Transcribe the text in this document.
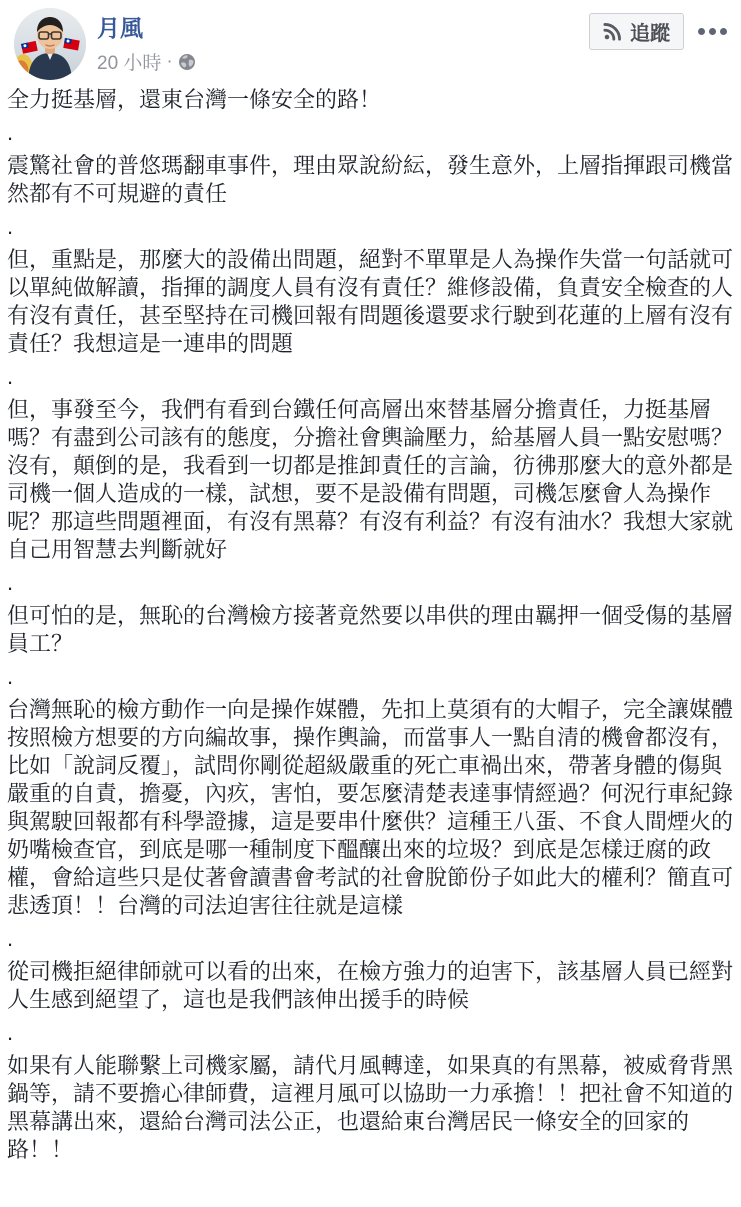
月風
20 小時 ·
追蹤

全力挺基層，還東台灣一條安全的路！

.

震驚社會的普悠瑪翻車事件，理由眾說紛紜，發生意外，上層指揮跟司機當然都有不可規避的責任

.

但，重點是，那麼大的設備出問題，絕對不單單是人為操作失當一句話就可以單純做解讀，指揮的調度人員有沒有責任？維修設備，負責安全檢查的人有沒有責任，甚至堅持在司機回報有問題後還要求行駛到花蓮的上層有沒有責任？我想這是一連串的問題

.

但，事發至今，我們有看到台鐵任何高層出來替基層分擔責任，力挺基層嗎？有盡到公司該有的態度，分擔社會輿論壓力，給基層人員一點安慰嗎？沒有，顛倒的是，我看到一切都是推卸責任的言論，彷彿那麼大的意外都是司機一個人造成的一樣，試想，要不是設備有問題，司機怎麼會人為操作呢？那這些問題裡面，有沒有黑幕？有沒有利益？有沒有油水？我想大家就自己用智慧去判斷就好

.

但可怕的是，無恥的台灣檢方接著竟然要以串供的理由羈押一個受傷的基層員工？

.

台灣無恥的檢方動作一向是操作媒體，先扣上莫須有的大帽子，完全讓媒體按照檢方想要的方向編故事，操作輿論，而當事人一點自清的機會都沒有，比如「說詞反覆」，試問你剛從超級嚴重的死亡車禍出來，帶著身體的傷與嚴重的自責，擔憂，內疚，害怕，要怎麼清楚表達事情經過？何況行車紀錄與駕駛回報都有科學證據，這是要串什麼供？這種王八蛋、不食人間煙火的奶嘴檢查官，到底是哪一種制度下醞釀出來的垃圾？到底是怎樣迂腐的政權，會給這些只是仗著會讀書會考試的社會脫節份子如此大的權利？簡直可悲透頂！！台灣的司法迫害往往就是這樣

.

從司機拒絕律師就可以看的出來，在檢方強力的迫害下，該基層人員已經對人生感到絕望了，這也是我們該伸出援手的時候

.

如果有人能聯繫上司機家屬，請代月風轉達，如果真的有黑幕，被威脅背黑鍋等，請不要擔心律師費，這裡月風可以協助一力承擔！！把社會不知道的黑幕講出來，還給台灣司法公正，也還給東台灣居民一條安全的回家的路！！
